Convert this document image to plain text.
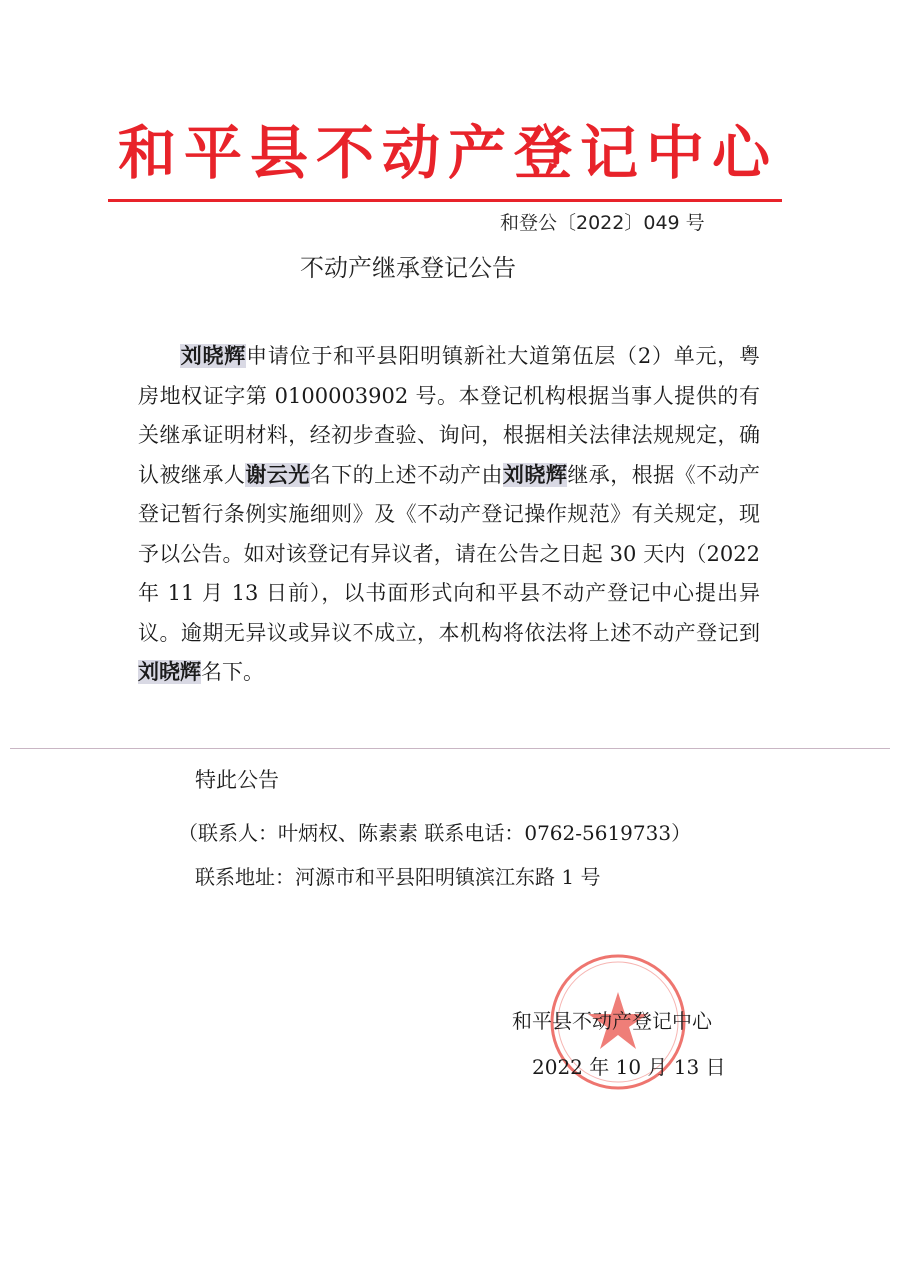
和平县不动产登记中心
和登公〔2022〕049 号
不动产继承登记公告
刘晓辉申请位于和平县阳明镇新社大道第伍层（2）单元，粤房地权证字第 0100003902 号。本登记机构根据当事人提供的有关继承证明材料，经初步查验、询问，根据相关法律法规规定，确认被继承人谢云光名下的上述不动产由刘晓辉继承，根据《不动产登记暂行条例实施细则》及《不动产登记操作规范》有关规定，现予以公告。如对该登记有异议者，请在公告之日起 30 天内（2022 年 11 月 13 日前），以书面形式向和平县不动产登记中心提出异议。逾期无异议或异议不成立，本机构将依法将上述不动产登记到刘晓辉名下。
特此公告
（联系人：叶炳权、陈素素 联系电话：0762-5619733）
联系地址：河源市和平县阳明镇滨江东路 1 号
和平县不动产登记中心
2022 年 10 月 13 日
